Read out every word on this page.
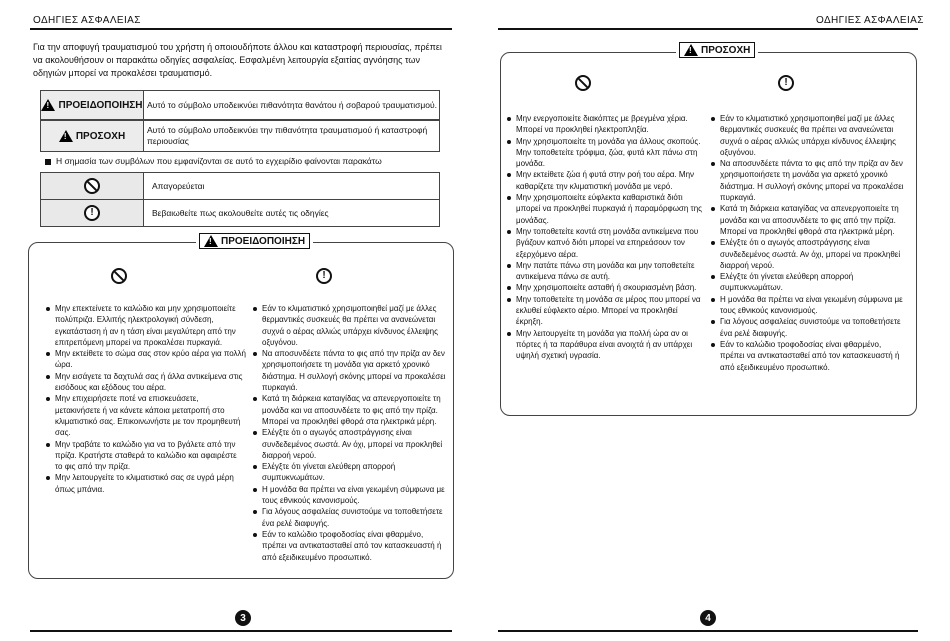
ΟΔΗΓΙΕΣ ΑΣΦΑΛΕΙΑΣ
Για την αποφυγή τραυματισμού του χρήστη ή οποιουδήποτε άλλου και καταστροφή περιουσίας, πρέπει να ακολουθήσουν οι παρακάτω οδηγίες ασφαλείας. Εσφαλμένη λειτουργία εξαιτίας αγνόησης των οδηγιών μπορεί να προκαλέσει τραυματισμό.
! ΠΡΟΕΙΔΟΠΟΙΗΣΗ Αυτό το σύμβολο υποδεικνύει πιθανότητα θανάτου ή σοβαρού τραυματισμού.
! ΠΡΟΣΟΧΗ
Αυτό το σύμβολο υποδεικνύει την πιθανότητα τραυματισμού ή καταστροφή περιουσίας
Η σημασία των συμβόλων που εμφανίζονται σε αυτό το εγχειρίδιο φαίνονται παρακάτω
Απαγορεύεται
!	Βεβαιωθείτε πως ακολουθείτε αυτές τις οδηγίες
! ΠΡΟΕΙΔΟΠΟΙΗΣΗ
!
Μην επεκτείνετε το καλώδιο και μην χρησιμοποιείτε πολύπριζα. Ελλιπής ηλεκτρολογική σύνδεση, εγκατάσταση ή αν η τάση είναι μεγαλύτερη από την επιτρεπόμενη μπορεί να προκαλέσει πυρκαγιά.
Μην εκτείθετε το σώμα σας στον κρύο αέρα για πολλή ώρα.
Μην εισάγετε τα δαχτυλά σας ή άλλα αντικείμενα στις εισόδους και εξόδους του αέρα.
Μην επιχειρήσετε ποτέ να επισκευάσετε, μετακινήσετε ή να κάνετε κάποια μετατροπή στο κλιματιστικό σας. Επικοινωνήστε με τον προμηθευτή σας.
Μην τραβάτε το καλώδιο για να το βγάλετε από την πρίζα. Κρατήστε σταθερά το καλώδιο και αφαιρέστε το φις από την πρίζα.
Μην λειτουργείτε το κλιματιστικό σας σε υγρά μέρη όπως μπάνια.
Εάν το κλιματιστικό χρησιμοποιηθεί μαζί με άλλες θερμαντικές συσκευές θα πρέπει να ανανεώνεται συχνά ο αέρας αλλιώς υπάρχει κίνδυνος έλλειψης οξυγόνου.
Να αποσυνδέετε πάντα το φις από την πρίζα αν δεν χρησιμοποιήσετε τη μονάδα για αρκετό χρονικό διάστημα. Η συλλογή σκόνης μπορεί να προκαλέσει πυρκαγιά.
Κατά τη διάρκεια καταιγίδας να απενεργοποιείτε τη μονάδα και να αποσυνδέετε το φις από την πρίζα. Μπορεί να προκληθεί φθορά στα ηλεκτρικά μέρη.
Ελέγξτε ότι ο αγωγός αποστράγγισης είναι συνδεδεμένος σωστά. Αν όχι, μπορεί να προκληθεί διαρροή νερού.
Ελέγξτε ότι γίνεται ελεύθερη απορροή συμπυκνωμάτων.
Η μονάδα θα πρέπει να είναι γειωμένη σύμφωνα με τους εθνικούς κανονισμούς.
Για λόγους ασφαλείας συνιστούμε να τοποθετήσετε ένα ρελέ διαφυγής.
Εάν το καλώδιο τροφοδοσίας είναι φθαρμένο, πρέπει να αντικατασταθεί από τον κατασκευαστή ή από εξειδικευμένο προσωπικό.
3
ΟΔΗΓΙΕΣ ΑΣΦΑΛΕΙΑΣ
! ΠΡΟΣΟΧΗ
!
Μην ενεργοποιείτε διακόπτες με βρεγμένα χέρια. Μπορεί να προκληθεί ηλεκτροπληξία.
Μην χρησιμοποιείτε τη μονάδα για άλλους σκοπούς. Μην τοποθετείτε τρόφιμα, ζώα, φυτά κλπ πάνω στη μονάδα.
Μην εκτείθετε ζώα ή φυτά στην ροή του αέρα. Μην καθαρίζετε την κλιματιστική μονάδα με νερό.
Μην χρησιμοποιείτε εύφλεκτα καθαριστικά διότι μπορεί να προκληθεί πυρκαγιά ή παραμόρφωση της μονάδας.
Μην τοποθετείτε κοντά στη μονάδα αντικείμενα που βγάζουν καπνό διότι μπορεί να επηρεάσουν τον εξερχόμενο αέρα.
Μην πατάτε πάνω στη μονάδα και μην τοποθετείτε αντικείμενα πάνω σε αυτή.
Μην χρησιμοποιείτε ασταθή ή σκουριασμένη βάση.
Μην τοποθετείτε τη μονάδα σε μέρος που μπορεί να εκλυθεί εύφλεκτο αέριο. Μπορεί να προκληθεί έκρηξη.
Μην λειτουργείτε τη μονάδα για πολλή ώρα αν οι πόρτες ή τα παράθυρα είναι ανοιχτά ή αν υπάρχει υψηλή σχετική υγρασία.
Εάν το κλιματιστικό χρησιμοποιηθεί μαζί με άλλες θερμαντικές συσκευές θα πρέπει να ανανεώνεται συχνά ο αέρας αλλιώς υπάρχει κίνδυνος έλλειψης οξυγόνου.
Να αποσυνδέετε πάντα το φις από την πρίζα αν δεν χρησιμοποιήσετε τη μονάδα για αρκετό χρονικό διάστημα. Η συλλογή σκόνης μπορεί να προκαλέσει πυρκαγιά.
Κατά τη διάρκεια καταιγίδας να απενεργοποιείτε τη μονάδα και να αποσυνδέετε το φις από την πρίζα. Μπορεί να προκληθεί φθορά στα ηλεκτρικά μέρη.
Ελέγξτε ότι ο αγωγός αποστράγγισης είναι συνδεδεμένος σωστά. Αν όχι, μπορεί να προκληθεί διαρροή νερού.
Ελέγξτε ότι γίνεται ελεύθερη απορροή συμπυκνωμάτων.
Η μονάδα θα πρέπει να είναι γειωμένη σύμφωνα με τους εθνικούς κανονισμούς.
Για λόγους ασφαλείας συνιστούμε να τοποθετήσετε ένα ρελέ διαφυγής.
Εάν το καλώδιο τροφοδοσίας είναι φθαρμένο, πρέπει να αντικατασταθεί από τον κατασκευαστή ή από εξειδικευμένο προσωπικό.
4
